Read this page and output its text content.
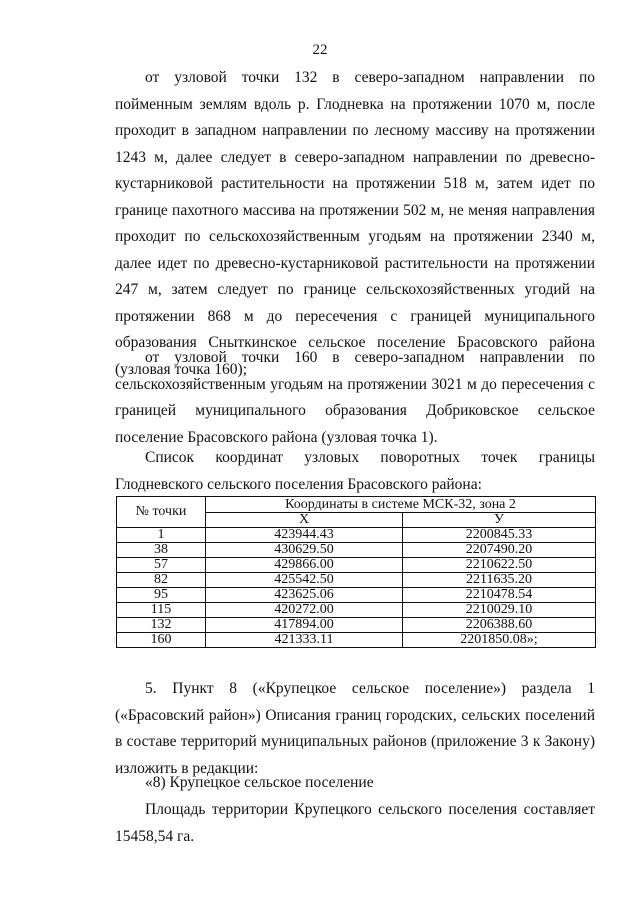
22

от узловой точки 132 в северо-западном направлении по пойменным землям вдоль р. Глодневка на протяжении 1070 м, после проходит в западном направлении по лесному массиву на протяжении 1243 м, далее следует в северо-западном направлении по древесно-кустарниковой растительности на протяжении 518 м, затем идет по границе пахотного массива на протяжении 502 м, не меняя направления проходит по сельскохозяйственным угодьям на протяжении 2340 м, далее идет по древесно-кустарниковой растительности на протяжении 247 м, затем следует по границе сельскохозяйственных угодий на протяжении 868 м до пересечения с границей муниципального образования Сныткинское сельское поселение Брасовского района (узловая точка 160);

от узловой точки 160 в северо-западном направлении по сельскохозяйственным угодьям на протяжении 3021 м до пересечения с границей муниципального образования Добриковское сельское поселение Брасовского района (узловая точка 1).

Список координат узловых поворотных точек границы Глодневского сельского поселения Брасовского района:

№ точки	Координаты в системе МСК-32, зона 2	
	X	У
1	423944.43	2200845.33
38	430629.50	2207490.20
57	429866.00	2210622.50
82	425542.50	2211635.20
95	423625.06	2210478.54
115	420272.00	2210029.10
132	417894.00	2206388.60
160	421333.11	2201850.08»;

5. Пункт 8 («Крупецкое сельское поселение») раздела 1 («Брасовский район») Описания границ городских, сельских поселений в составе территорий муниципальных районов (приложение 3 к Закону) изложить в редакции:

«8) Крупецкое сельское поселение

Площадь территории Крупецкого сельского поселения составляет 15458,54 га.
